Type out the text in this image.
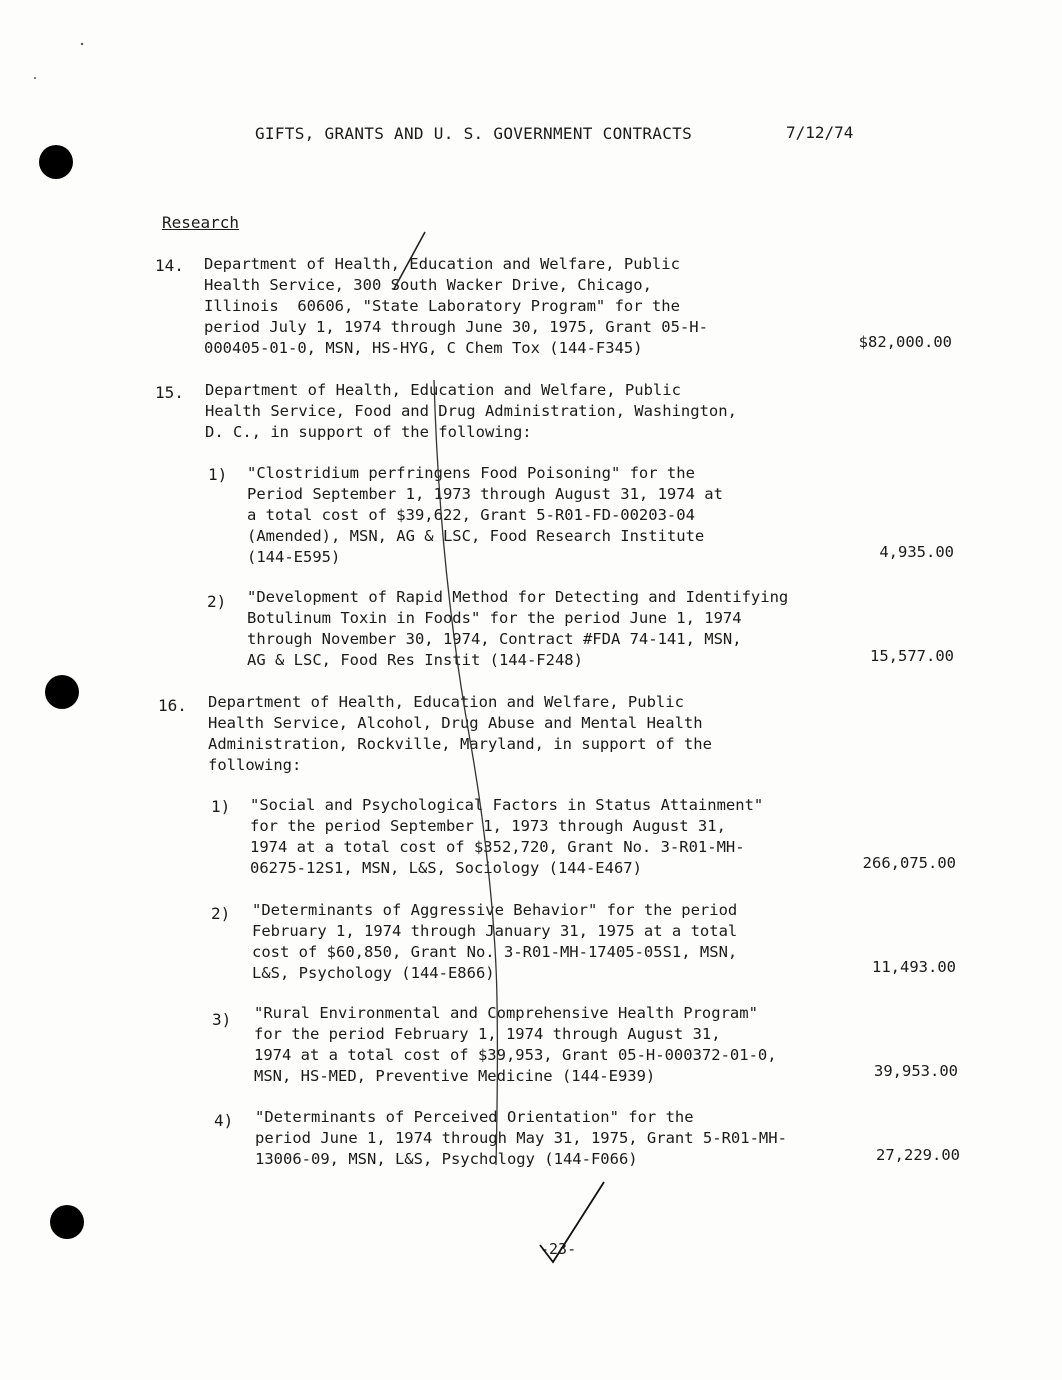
GIFTS, GRANTS AND U. S. GOVERNMENT CONTRACTS	7/12/74
Research
14. Department of Health, Education and Welfare, Public
Health Service, 300 South Wacker Drive, Chicago,
Illinois  60606, "State Laboratory Program" for the
period July 1, 1974 through June 30, 1975, Grant 05-H-
000405-01-0, MSN, HS-HYG, C Chem Tox (144-F345)	$82,000.00
15. Department of Health, Education and Welfare, Public
Health Service, Food and Drug Administration, Washington,
D. C., in support of the following:
1) "Clostridium perfringens Food Poisoning" for the
Period September 1, 1973 through August 31, 1974 at
a total cost of $39,622, Grant 5-R01-FD-00203-04
(Amended), MSN, AG & LSC, Food Research Institute
(144-E595)	4,935.00
2) "Development of Rapid Method for Detecting and Identifying
Botulinum Toxin in Foods" for the period June 1, 1974
through November 30, 1974, Contract #FDA 74-141, MSN,
AG & LSC, Food Res Instit (144-F248)	15,577.00
16. Department of Health, Education and Welfare, Public
Health Service, Alcohol, Drug Abuse and Mental Health
Administration, Rockville, Maryland, in support of the
following:
1) "Social and Psychological Factors in Status Attainment"
for the period September 1, 1973 through August 31,
1974 at a total cost of $352,720, Grant No. 3-R01-MH-
06275-12S1, MSN, L&S, Sociology (144-E467)	266,075.00
2) "Determinants of Aggressive Behavior" for the period
February 1, 1974 through January 31, 1975 at a total
cost of $60,850, Grant No. 3-R01-MH-17405-05S1, MSN,
L&S, Psychology (144-E866)	11,493.00
3) "Rural Environmental and Comprehensive Health Program"
for the period February 1, 1974 through August 31,
1974 at a total cost of $39,953, Grant 05-H-000372-01-0,
MSN, HS-MED, Preventive Medicine (144-E939)	39,953.00
4) "Determinants of Perceived Orientation" for the
period June 1, 1974 through May 31, 1975, Grant 5-R01-MH-
13006-09, MSN, L&S, Psychology (144-F066)	27,229.00
-23-
